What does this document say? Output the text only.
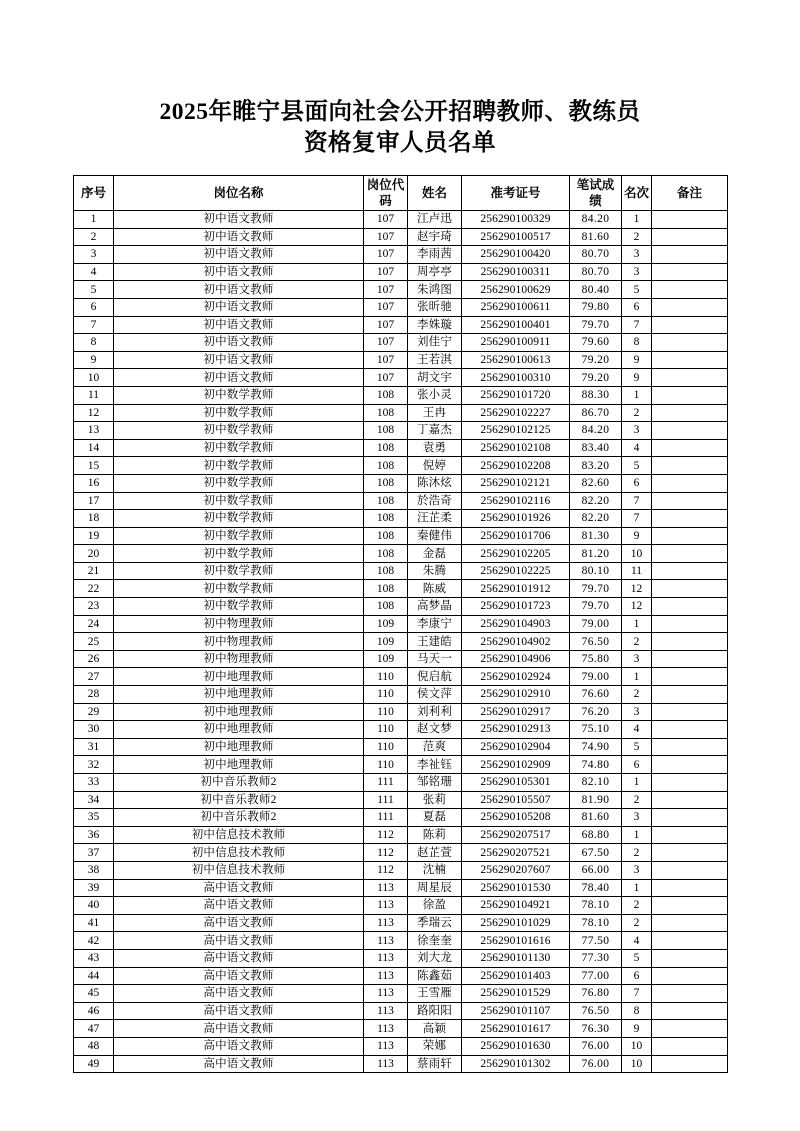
2025年睢宁县面向社会公开招聘教师、教练员
资格复审人员名单
序号	岗位名称	岗位代码	姓名	准考证号	笔试成绩	名次	备注
1	初中语文教师	107	江卢迅	256290100329	84.20	1	
2	初中语文教师	107	赵宇琦	256290100517	81.60	2	
3	初中语文教师	107	李雨茜	256290100420	80.70	3	
4	初中语文教师	107	周亭亭	256290100311	80.70	3	
5	初中语文教师	107	朱鸿图	256290100629	80.40	5	
6	初中语文教师	107	张昕驰	256290100611	79.80	6	
7	初中语文教师	107	李姝璇	256290100401	79.70	7	
8	初中语文教师	107	刘佳宁	256290100911	79.60	8	
9	初中语文教师	107	王若淇	256290100613	79.20	9	
10	初中语文教师	107	胡文宇	256290100310	79.20	9	
11	初中数学教师	108	张小灵	256290101720	88.30	1	
12	初中数学教师	108	王冉	256290102227	86.70	2	
13	初中数学教师	108	丁嘉杰	256290102125	84.20	3	
14	初中数学教师	108	袁勇	256290102108	83.40	4	
15	初中数学教师	108	倪婷	256290102208	83.20	5	
16	初中数学教师	108	陈沐炫	256290102121	82.60	6	
17	初中数学教师	108	於浩奇	256290102116	82.20	7	
18	初中数学教师	108	汪芷柔	256290101926	82.20	7	
19	初中数学教师	108	秦健伟	256290101706	81.30	9	
20	初中数学教师	108	金磊	256290102205	81.20	10	
21	初中数学教师	108	朱腾	256290102225	80.10	11	
22	初中数学教师	108	陈威	256290101912	79.70	12	
23	初中数学教师	108	高梦晶	256290101723	79.70	12	
24	初中物理教师	109	李康宁	256290104903	79.00	1	
25	初中物理教师	109	王建皓	256290104902	76.50	2	
26	初中物理教师	109	马天一	256290104906	75.80	3	
27	初中地理教师	110	倪启航	256290102924	79.00	1	
28	初中地理教师	110	侯文萍	256290102910	76.60	2	
29	初中地理教师	110	刘利利	256290102917	76.20	3	
30	初中地理教师	110	赵文梦	256290102913	75.10	4	
31	初中地理教师	110	范爽	256290102904	74.90	5	
32	初中地理教师	110	李祉钰	256290102909	74.80	6	
33	初中音乐教师2	111	邹铭珊	256290105301	82.10	1	
34	初中音乐教师2	111	张莉	256290105507	81.90	2	
35	初中音乐教师2	111	夏磊	256290105208	81.60	3	
36	初中信息技术教师	112	陈莉	256290207517	68.80	1	
37	初中信息技术教师	112	赵芷萱	256290207521	67.50	2	
38	初中信息技术教师	112	沈楠	256290207607	66.00	3	
39	高中语文教师	113	周星辰	256290101530	78.40	1	
40	高中语文教师	113	徐盈	256290104921	78.10	2	
41	高中语文教师	113	季瑞云	256290101029	78.10	2	
42	高中语文教师	113	徐奎奎	256290101616	77.50	4	
43	高中语文教师	113	刘大龙	256290101130	77.30	5	
44	高中语文教师	113	陈鑫茹	256290101403	77.00	6	
45	高中语文教师	113	王雪雁	256290101529	76.80	7	
46	高中语文教师	113	路阳阳	256290101107	76.50	8	
47	高中语文教师	113	高颖	256290101617	76.30	9	
48	高中语文教师	113	荣娜	256290101630	76.00	10	
49	高中语文教师	113	蔡雨轩	256290101302	76.00	10	
